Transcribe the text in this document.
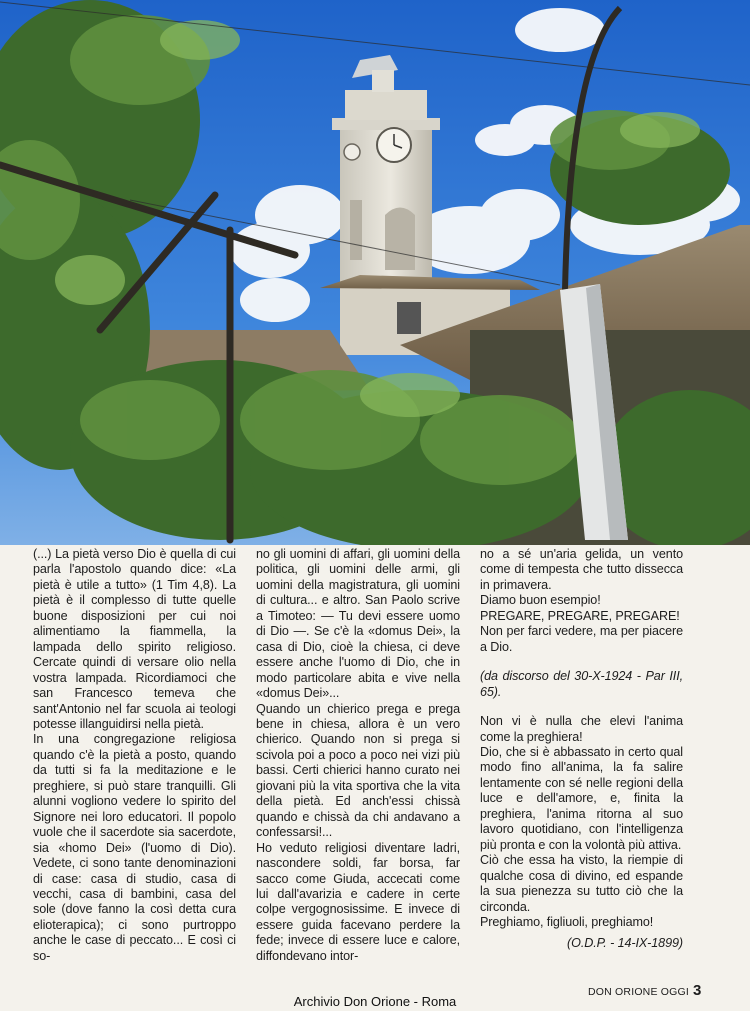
(...) La pietà verso Dio è quella di cui parla l'apostolo quando dice: «La pietà è utile a tutto» (1 Tim 4,8). La pietà è il complesso di tutte quelle buone disposizioni per cui noi alimentiamo la fiammella, la lampada dello spirito religioso. Cercate quindi di versare olio nella vostra lampada. Ricordiamoci che san Francesco temeva che sant'Antonio nel far scuola ai teologi potesse illanguidirsi nella pietà.

In una congregazione religiosa quando c'è la pietà a posto, quando da tutti si fa la meditazione e le preghiere, si può stare tranquilli. Gli alunni vogliono vedere lo spirito del Signore nei loro educatori. Il popolo vuole che il sacerdote sia sacerdote, sia «homo Dei» (l'uomo di Dio). Vedete, ci sono tante denominazioni di case: casa di studio, casa di vecchi, casa di bambini, casa del sole (dove fanno la così detta cura elioterapica); ci sono purtroppo anche le case di peccato... E così ci so-

no gli uomini di affari, gli uomini della politica, gli uomini delle armi, gli uomini della magistratura, gli uomini di cultura... e altro. San Paolo scrive a Timoteo: — Tu devi essere uomo di Dio —. Se c'è la «domus Dei», la casa di Dio, cioè la chiesa, ci deve essere anche l'uomo di Dio, che in modo particolare abita e vive nella «domus Dei»...

Quando un chierico prega e prega bene in chiesa, allora è un vero chierico. Quando non si prega si scivola poi a poco a poco nei vizi più bassi. Certi chierici hanno curato nei giovani più la vita sportiva che la vita della pietà. Ed anch'essi chissà quando e chissà da chi andavano a confessarsi!...

Ho veduto religiosi diventare ladri, nascondere soldi, far borsa, far sacco come Giuda, accecati come lui dall'avarizia e cadere in certe colpe vergognosissime. E invece di essere guida facevano perdere la fede; invece di essere luce e calore, diffondevano intor-

no a sé un'aria gelida, un vento come di tempesta che tutto dissecca in primavera.

Diamo buon esempio!

PREGARE, PREGARE, PREGARE!

Non per farci vedere, ma per piacere a Dio.

(da discorso del 30-X-1924 - Par III, 65).

Non vi è nulla che elevi l'anima come la preghiera!

Dio, che si è abbassato in certo qual modo fino all'anima, la fa salire lentamente con sé nelle regioni della luce e dell'amore, e, finita la preghiera, l'anima ritorna al suo lavoro quotidiano, con l'intelligenza più pronta e con la volontà più attiva.

Ciò che essa ha visto, la riempie di qualche cosa di divino, ed espande la sua pienezza su tutto ciò che la circonda.

Preghiamo, figliuoli, preghiamo!

(O.D.P. - 14-IX-1899)

DON ORIONE OGGI 3
Archivio Don Orione - Roma
